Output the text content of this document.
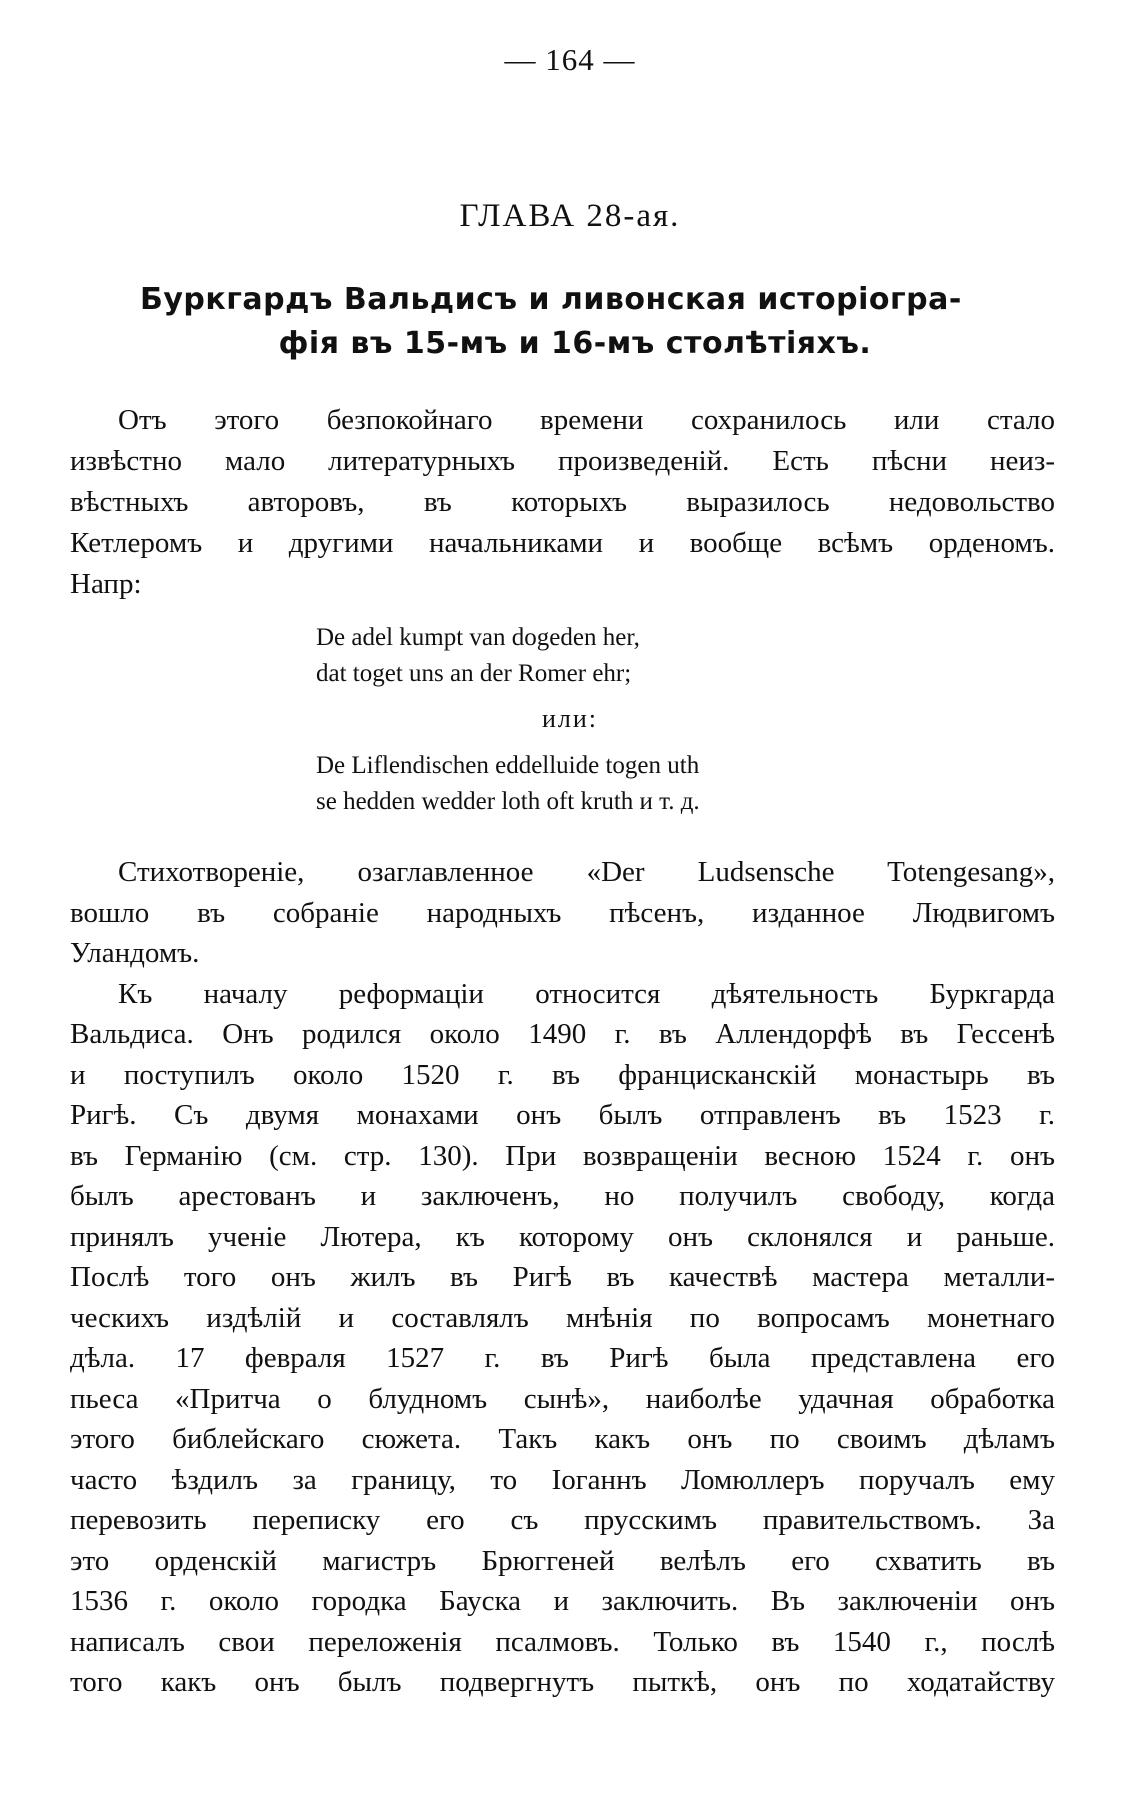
— 164 —
ГЛАВА 28-ая.
Буркгардъ Вальдисъ и ливонская исторіогра-
фія въ 15-мъ и 16-мъ столѣтіяхъ.
Отъ этого безпокойнаго времени сохранилось или стало
извѣстно мало литературныхъ произведеній. Есть пѣсни неиз-
вѣстныхъ авторовъ, въ которыхъ выразилось недовольство
Кетлеромъ и другими начальниками и вообще всѣмъ орденомъ.
Напр:
De adel kumpt van dogeden her,
dat toget uns an der Romer ehr;
или:
De Liflendischen eddelluide togen uth
se hedden wedder loth oft kruth и т. д.
Стихотвореніе, озаглавленное «Der Ludsensche Totengesang»,
вошло въ собраніе народныхъ пѣсенъ, изданное Людвигомъ
Уландомъ.
Къ началу реформаціи относится дѣятельность Буркгарда
Вальдиса. Онъ родился около 1490 г. въ Аллендорфѣ въ Гессенѣ
и поступилъ около 1520 г. въ францисканскій монастырь въ
Ригѣ. Съ двумя монахами онъ былъ отправленъ въ 1523 г.
въ Германію (см. стр. 130). При возвращеніи весною 1524 г. онъ
былъ арестованъ и заключенъ, но получилъ свободу, когда
принялъ ученіе Лютера, къ которому онъ склонялся и раньше.
Послѣ того онъ жилъ въ Ригѣ въ качествѣ мастера металли-
ческихъ издѣлій и составлялъ мнѣнія по вопросамъ монетнаго
дѣла. 17 февраля 1527 г. въ Ригѣ была представлена его
пьеса «Притча о блудномъ сынѣ», наиболѣе удачная обработка
этого библейскаго сюжета. Такъ какъ онъ по своимъ дѣламъ
часто ѣздилъ за границу, то Іоганнъ Ломюллеръ поручалъ ему
перевозить переписку его съ прусскимъ правительствомъ. За
это орденскій магистръ Брюггеней велѣлъ его схватить въ
1536 г. около городка Бауска и заключить. Въ заключеніи онъ
написалъ свои переложенія псалмовъ. Только въ 1540 г., послѣ
того какъ онъ былъ подвергнутъ пыткѣ, онъ по ходатайству
